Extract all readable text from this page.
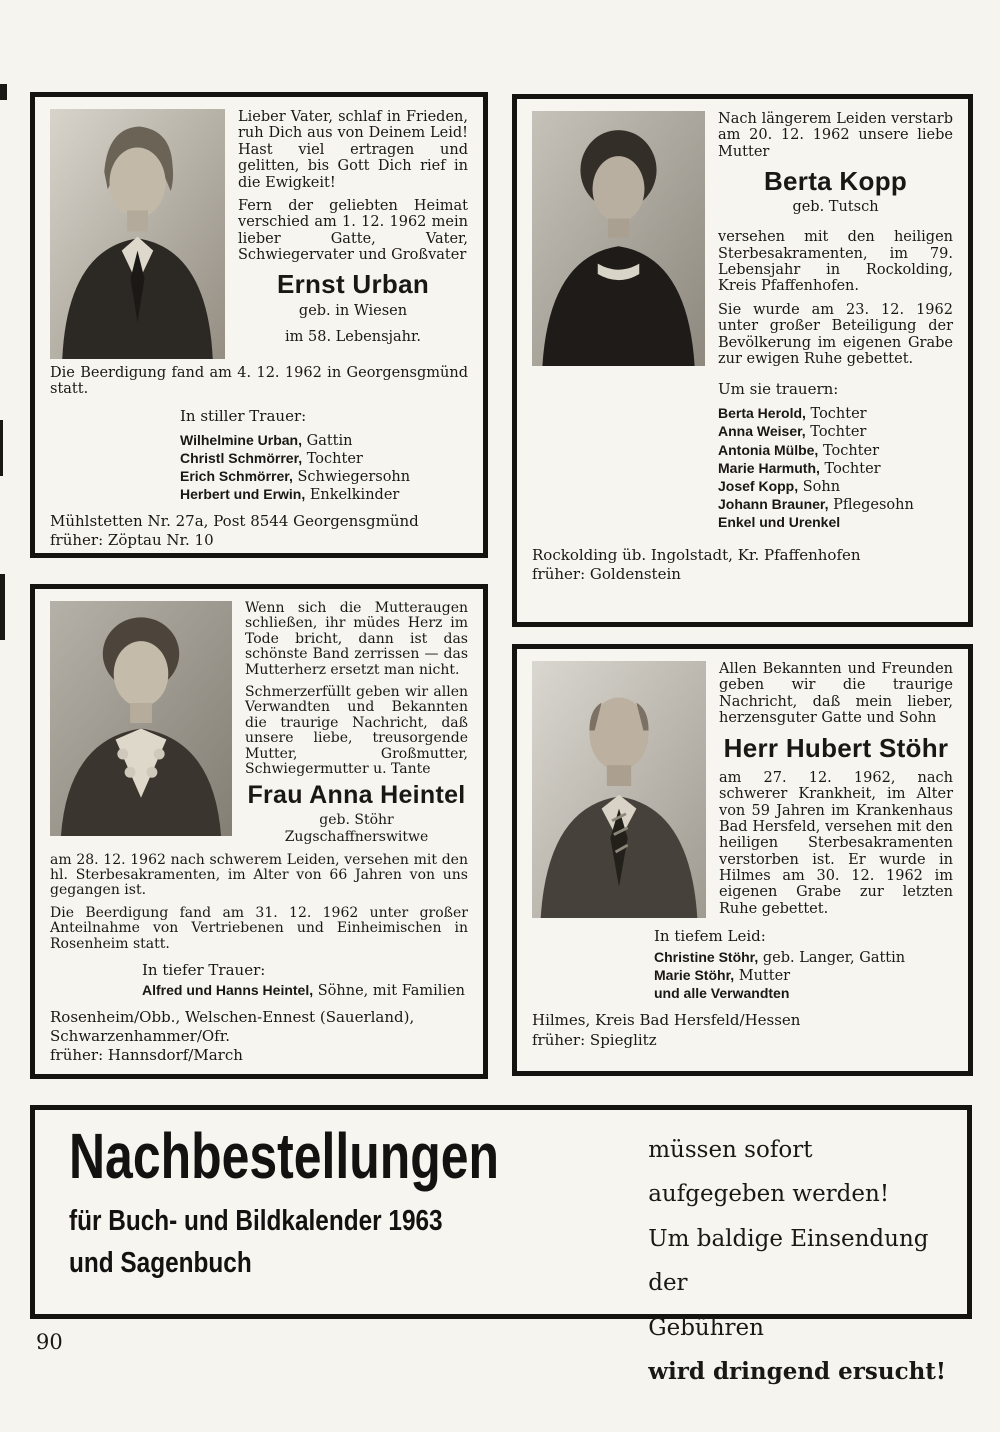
Lieber Vater, schlaf in Frieden, ruh Dich aus von Deinem Leid! Hast viel ertragen und gelitten, bis Gott Dich rief in die Ewigkeit!

Fern der geliebten Heimat verschied am 1. 12. 1962 mein lieber Gatte, Vater, Schwiegervater und Großvater

Ernst Urban
geb. in Wiesen
im 58. Lebensjahr.

Die Beerdigung fand am 4. 12. 1962 in Georgensgmünd statt.

In stiller Trauer:
Wilhelmine Urban, Gattin
Christl Schmörrer, Tochter
Erich Schmörrer, Schwiegersohn
Herbert und Erwin, Enkelkinder
Mühlstetten Nr. 27a, Post 8544 Georgensgmünd
früher: Zöptau Nr. 10

Nach längerem Leiden verstarb am 20. 12. 1962 unsere liebe Mutter

Berta Kopp
geb. Tutsch

versehen mit den heiligen Sterbesakramenten, im 79. Lebensjahr in Rockolding, Kreis Pfaffenhofen.

Sie wurde am 23. 12. 1962 unter großer Beteiligung der Bevölkerung im eigenen Grabe zur ewigen Ruhe gebettet.

Um sie trauern:
Berta Herold, Tochter
Anna Weiser, Tochter
Antonia Mülbe, Tochter
Marie Harmuth, Tochter
Josef Kopp, Sohn
Johann Brauner, Pflegesohn
Enkel und Urenkel
Rockolding üb. Ingolstadt, Kr. Pfaffenhofen
früher: Goldenstein

Wenn sich die Mutteraugen schließen, ihr müdes Herz im Tode bricht, dann ist das schönste Band zerrissen — das Mutterherz ersetzt man nicht.

Schmerzerfüllt geben wir allen Verwandten und Bekannten die traurige Nachricht, daß unsere liebe, treusorgende Mutter, Großmutter, Schwiegermutter u. Tante

Frau Anna Heintel
geb. Stöhr
Zugschaffnerswitwe

am 28. 12. 1962 nach schwerem Leiden, versehen mit den hl. Sterbesakramenten, im Alter von 66 Jahren von uns gegangen ist.

Die Beerdigung fand am 31. 12. 1962 unter großer Anteilnahme von Vertriebenen und Einheimischen in Rosenheim statt.

In tiefer Trauer:
Alfred und Hanns Heintel, Söhne, mit Familien
Rosenheim/Obb., Welschen-Ennest (Sauerland),
Schwarzenhammer/Ofr.
früher: Hannsdorf/March

Allen Bekannten und Freunden geben wir die traurige Nachricht, daß mein lieber, herzensguter Gatte und Sohn

Herr Hubert Stöhr

am 27. 12. 1962, nach schwerer Krankheit, im Alter von 59 Jahren im Krankenhaus Bad Hersfeld, versehen mit den heiligen Sterbesakramenten verstorben ist. Er wurde in Hilmes am 30. 12. 1962 im eigenen Grabe zur letzten Ruhe gebettet.

In tiefem Leid:
Christine Stöhr, geb. Langer, Gattin
Marie Stöhr, Mutter
und alle Verwandten
Hilmes, Kreis Bad Hersfeld/Hessen
früher: Spieglitz
Nachbestellungen
für Buch- und Bildkalender 1963
und Sagenbuch
müssen sofort aufgegeben werden!
Um baldige Einsendung der
Gebühren
wird dringend ersucht!
90
